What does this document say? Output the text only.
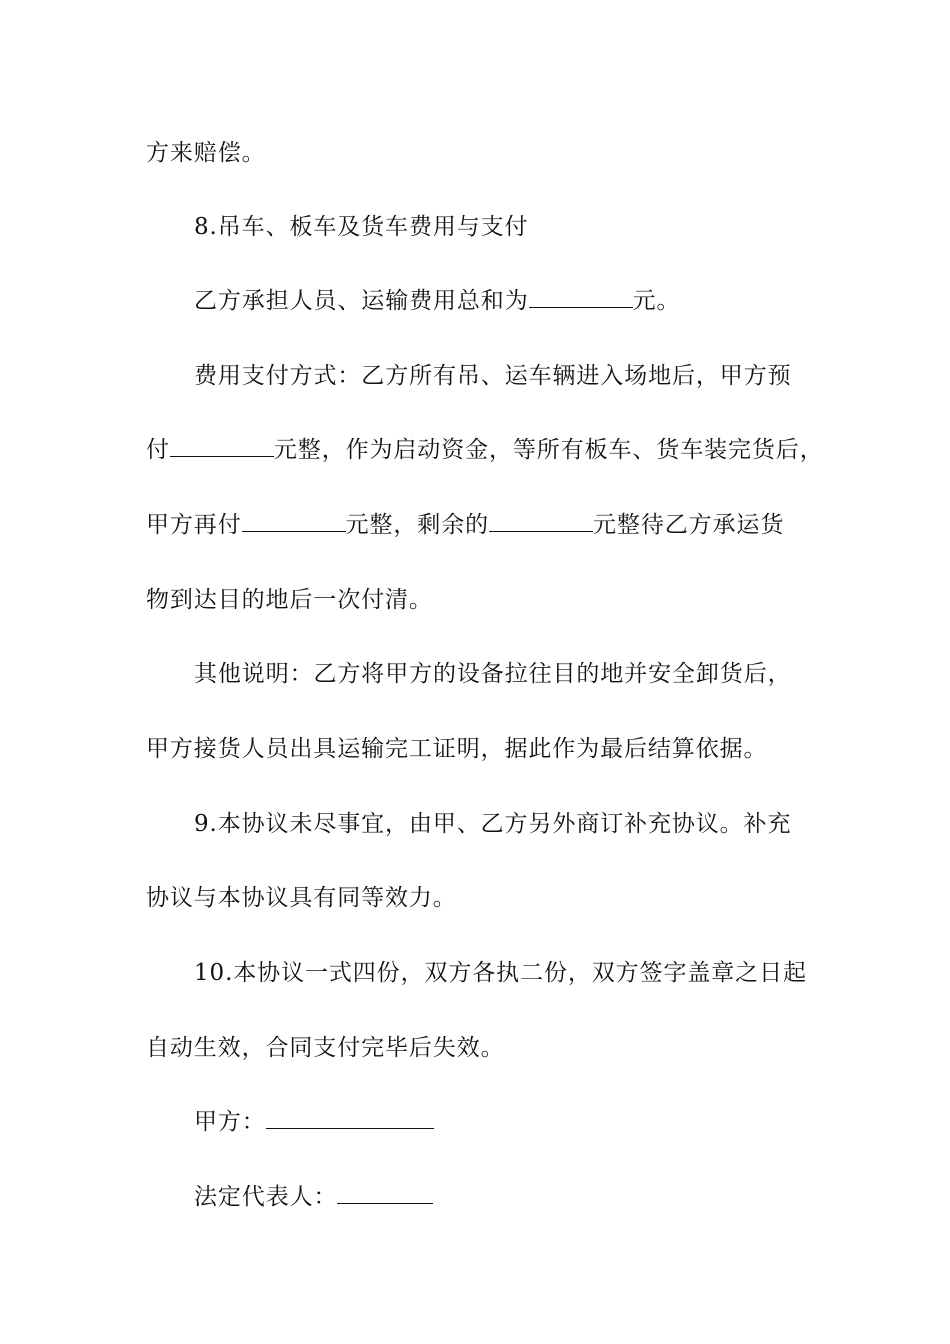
方来赔偿。
8.吊车、板车及货车费用与支付
乙方承担人员、运输费用总和为	元。
费用支付方式：乙方所有吊、运车辆进入场地后，甲方预
付	元整，作为启动资金，等所有板车、货车装完货后，
甲方再付	元整，剩余的	元整待乙方承运货
物到达目的地后一次付清。
其他说明：乙方将甲方的设备拉往目的地并安全卸货后，
甲方接货人员出具运输完工证明，据此作为最后结算依据。
9.本协议未尽事宜，由甲、乙方另外商订补充协议。补充
协议与本协议具有同等效力。
10.本协议一式四份，双方各执二份，双方签字盖章之日起
自动生效，合同支付完毕后失效。
甲方：
法定代表人：
